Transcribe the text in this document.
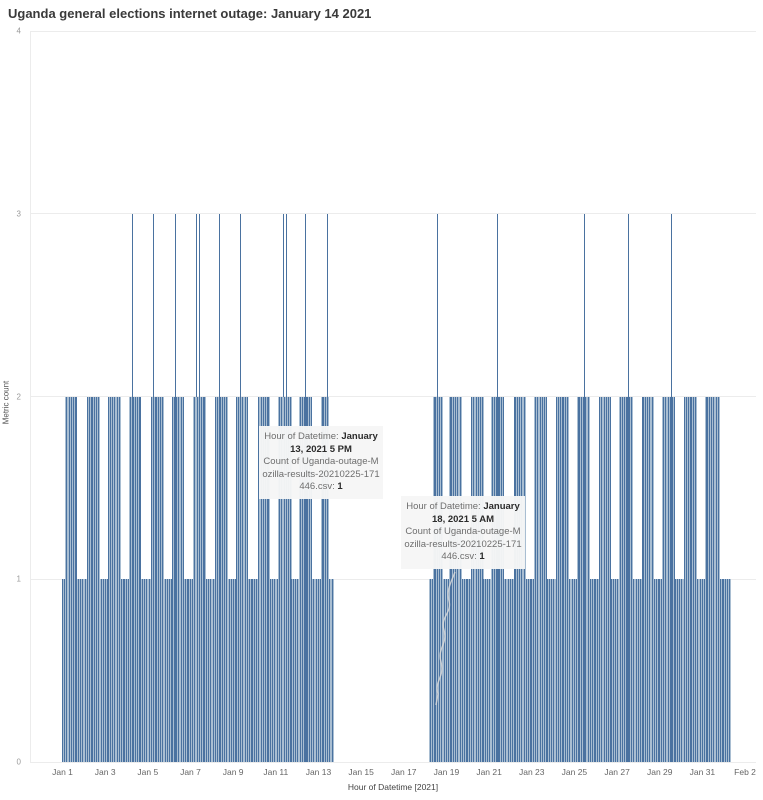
Uganda general elections internet outage: January 14 2021
0
1
2
3
4
Metric count
Jan 1	Jan 3	Jan 5	Jan 7	Jan 9 Jan 11 Jan 13 Jan 15 Jan 17 Jan 19 Jan 21 Jan 23 Jan 25 Jan 27 Jan 29 Jan 31 Feb 2
Hour of Datetime [2021]
Hour of Datetime: January 13, 2021 5 PM
Count of Uganda-outage-Mozilla-results-20210225-171446.csv: 1
Hour of Datetime: January 18, 2021 5 AM
Count of Uganda-outage-Mozilla-results-20210225-171446.csv: 1
